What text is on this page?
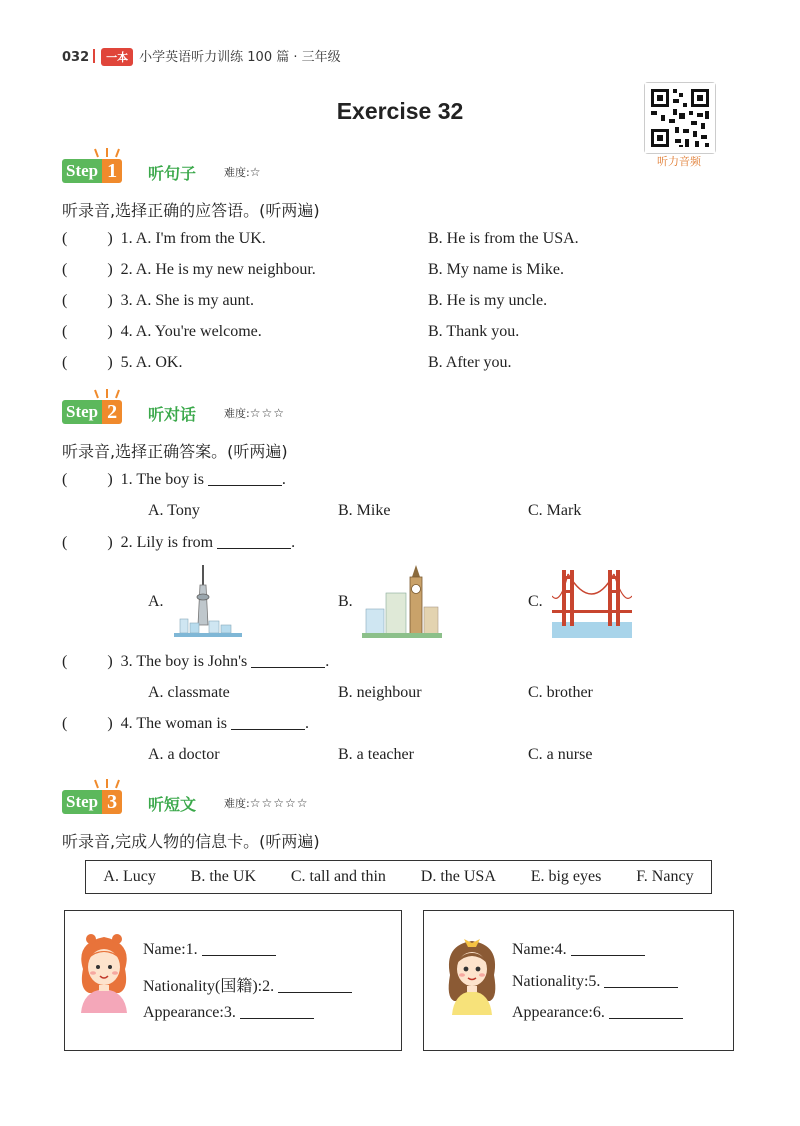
032 一本 小学英语听力训练 100 篇 · 三年级
Exercise 32
听力音频
Step 1	听句子	难度:☆
听录音,选择正确的应答语。(听两遍)
(	) 1. A. I'm from the UK.	B. He is from the USA.
(	) 2. A. He is my new neighbour.	B. My name is Mike.
(	) 3. A. She is my aunt.	B. He is my uncle.
(	) 4. A. You're welcome.	B. Thank you.
(	) 5. A. OK.	B. After you.
Step 2	听对话	难度:☆☆☆
听录音,选择正确答案。(听两遍)
(	) 1. The boy is	.
A. Tony	B. Mike	C. Mark
(	) 2. Lily is from	.
A.	B.	C.
(	) 3. The boy is John's	.
A. classmate	B. neighbour	C. brother
(	) 4. The woman is	.
A. a doctor	B. a teacher	C. a nurse
Step 3	听短文	难度:☆☆☆☆☆
听录音,完成人物的信息卡。(听两遍)
A. Lucy B. the UK C. tall and thin D. the USA E. big eyes F. Nancy
Name:1.
Nationality(国籍):2.
Appearance:3.
Name:4.
Nationality:5.
Appearance:6.
